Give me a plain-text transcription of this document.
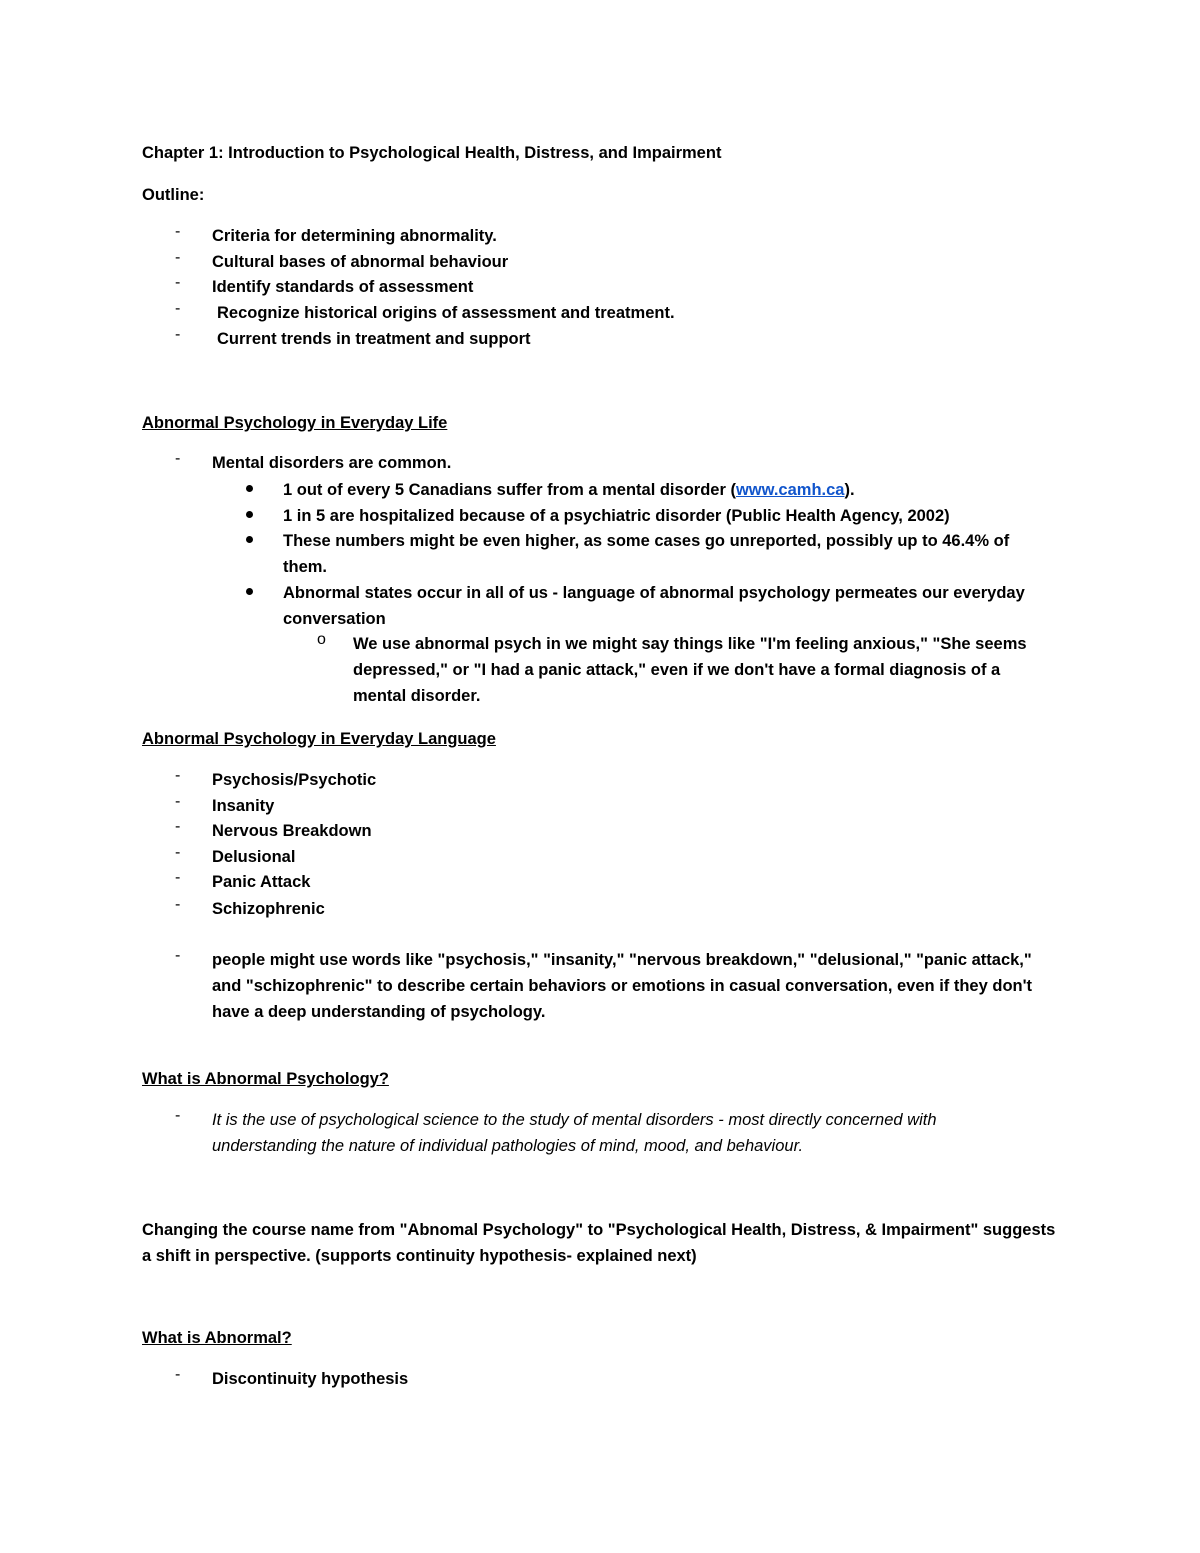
Chapter 1: Introduction to Psychological Health, Distress, and Impairment
Outline:
- Criteria for determining abnormality.
- Cultural bases of abnormal behaviour
- Identify standards of assessment
- Recognize historical origins of assessment and treatment.
- Current trends in treatment and support
Abnormal Psychology in Everyday Life
- Mental disorders are common.
1 out of every 5 Canadians suffer from a mental disorder (www.camh.ca).
1 in 5 are hospitalized because of a psychiatric disorder (Public Health Agency, 2002)
These numbers might be even higher, as some cases go unreported, possibly up to 46.4% of
them.
Abnormal states occur in all of us - language of abnormal psychology permeates our everyday
conversation
o We use abnormal psych in we might say things like "I'm feeling anxious," "She seems
depressed," or "I had a panic attack," even if we don't have a formal diagnosis of a
mental disorder.
Abnormal Psychology in Everyday Language
- Psychosis/Psychotic
- Insanity
- Nervous Breakdown
- Delusional
- Panic Attack
- Schizophrenic
- people might use words like "psychosis," "insanity," "nervous breakdown," "delusional," "panic attack,"
and "schizophrenic" to describe certain behaviors or emotions in casual conversation, even if they don't
have a deep understanding of psychology.
What is Abnormal Psychology?
- It is the use of psychological science to the study of mental disorders - most directly concerned with
understanding the nature of individual pathologies of mind, mood, and behaviour.
Changing the course name from "Abnomal Psychology" to "Psychological Health, Distress, & Impairment" suggests
a shift in perspective. (supports continuity hypothesis- explained next)
What is Abnormal?
- Discontinuity hypothesis
